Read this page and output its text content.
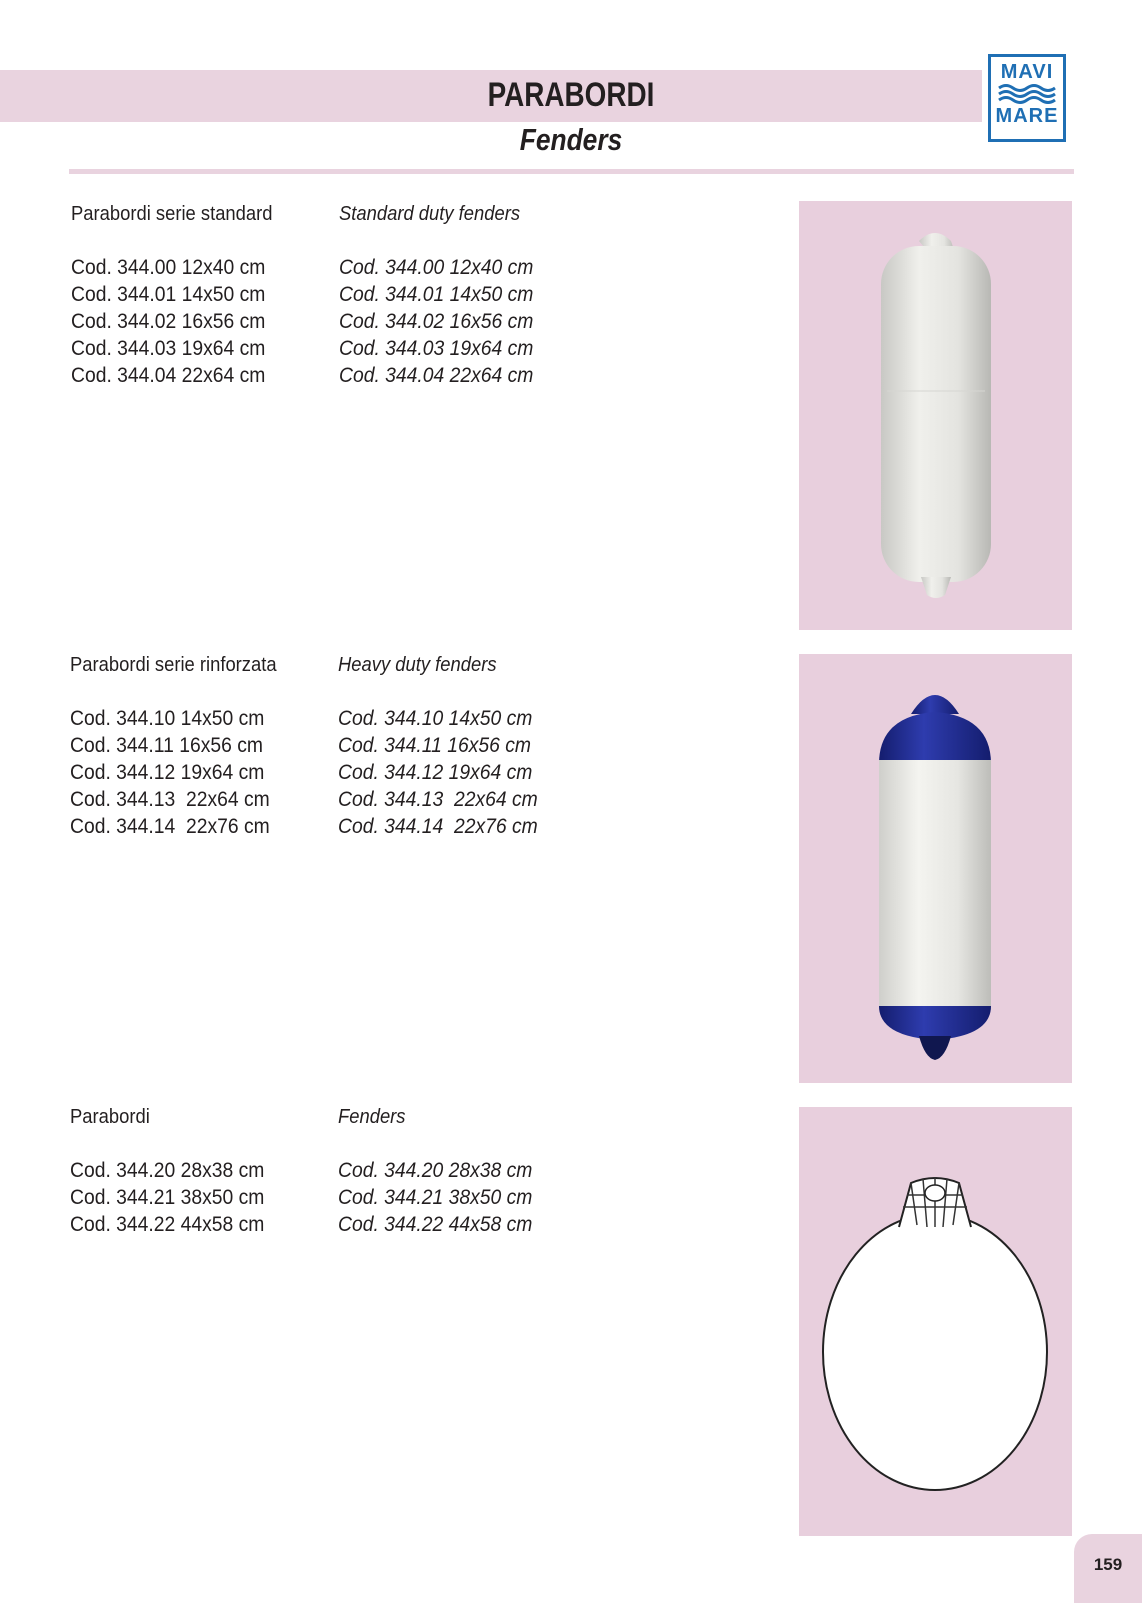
PARABORDI
Fenders
MAVI
MARE
Parabordi serie standard
Cod. 344.00 12x40 cm
Cod. 344.01 14x50 cm
Cod. 344.02 16x56 cm
Cod. 344.03 19x64 cm
Cod. 344.04 22x64 cm
Standard duty fenders
Cod. 344.00 12x40 cm
Cod. 344.01 14x50 cm
Cod. 344.02 16x56 cm
Cod. 344.03 19x64 cm
Cod. 344.04 22x64 cm
Parabordi serie rinforzata
Cod. 344.10 14x50 cm
Cod. 344.11 16x56 cm
Cod. 344.12 19x64 cm
Cod. 344.13  22x64 cm
Cod. 344.14  22x76 cm
Heavy duty fenders
Cod. 344.10 14x50 cm
Cod. 344.11 16x56 cm
Cod. 344.12 19x64 cm
Cod. 344.13  22x64 cm
Cod. 344.14  22x76 cm
Parabordi
Cod. 344.20 28x38 cm
Cod. 344.21 38x50 cm
Cod. 344.22 44x58 cm
Fenders
Cod. 344.20 28x38 cm
Cod. 344.21 38x50 cm
Cod. 344.22 44x58 cm
159
